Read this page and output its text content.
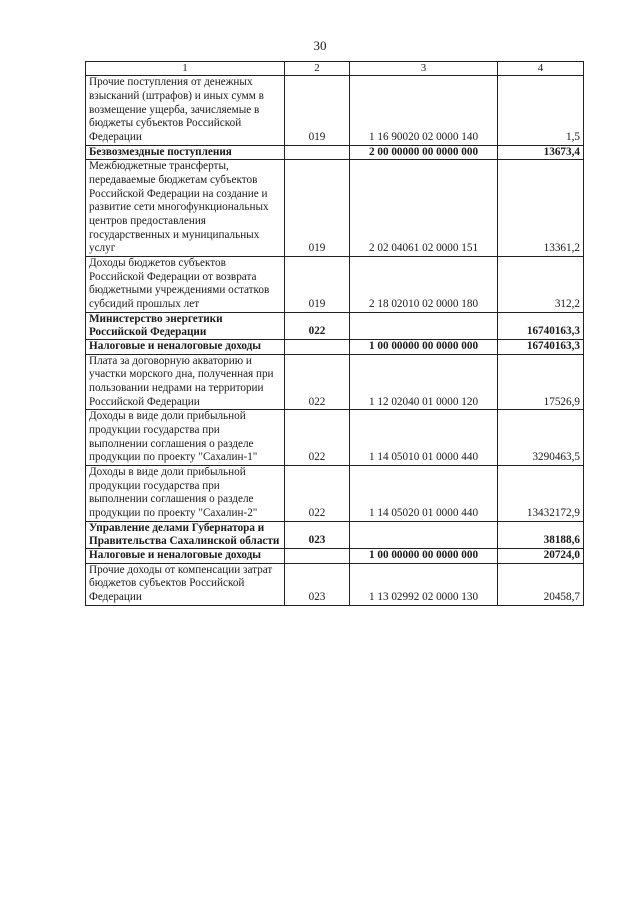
30
1	2	3	4
Прочие поступления от денежных взысканий (штрафов) и иных сумм в возмещение ущерба, зачисляемые в бюджеты субъектов Российской Федерации	019	1 16 90020 02 0000 140	1,5
Безвозмездные поступления		2 00 00000 00 0000 000	13673,4
Межбюджетные трансферты, передаваемые бюджетам субъектов Российской Федерации на создание и развитие сети многофункциональных центров предоставления государственных и муниципальных услуг	019	2 02 04061 02 0000 151	13361,2
Доходы бюджетов субъектов Российской Федерации от возврата бюджетными учреждениями остатков субсидий прошлых лет	019	2 18 02010 02 0000 180	312,2
Министерство энергетики Российской Федерации	022		16740163,3
Налоговые и неналоговые доходы		1 00 00000 00 0000 000	16740163,3
Плата за договорную акваторию и участки морского дна, полученная при пользовании недрами на территории Российской Федерации	022	1 12 02040 01 0000 120	17526,9
Доходы в виде доли прибыльной продукции государства при выполнении соглашения о разделе продукции по проекту "Сахалин-1"	022	1 14 05010 01 0000 440	3290463,5
Доходы в виде доли прибыльной продукции государства при выполнении соглашения о разделе продукции по проекту "Сахалин-2"	022	1 14 05020 01 0000 440	13432172,9
Управление делами Губернатора и Правительства Сахалинской области	023		38188,6
Налоговые и неналоговые доходы		1 00 00000 00 0000 000	20724,0
Прочие доходы от компенсации затрат бюджетов субъектов Российской Федерации	023	1 13 02992 02 0000 130	20458,7
